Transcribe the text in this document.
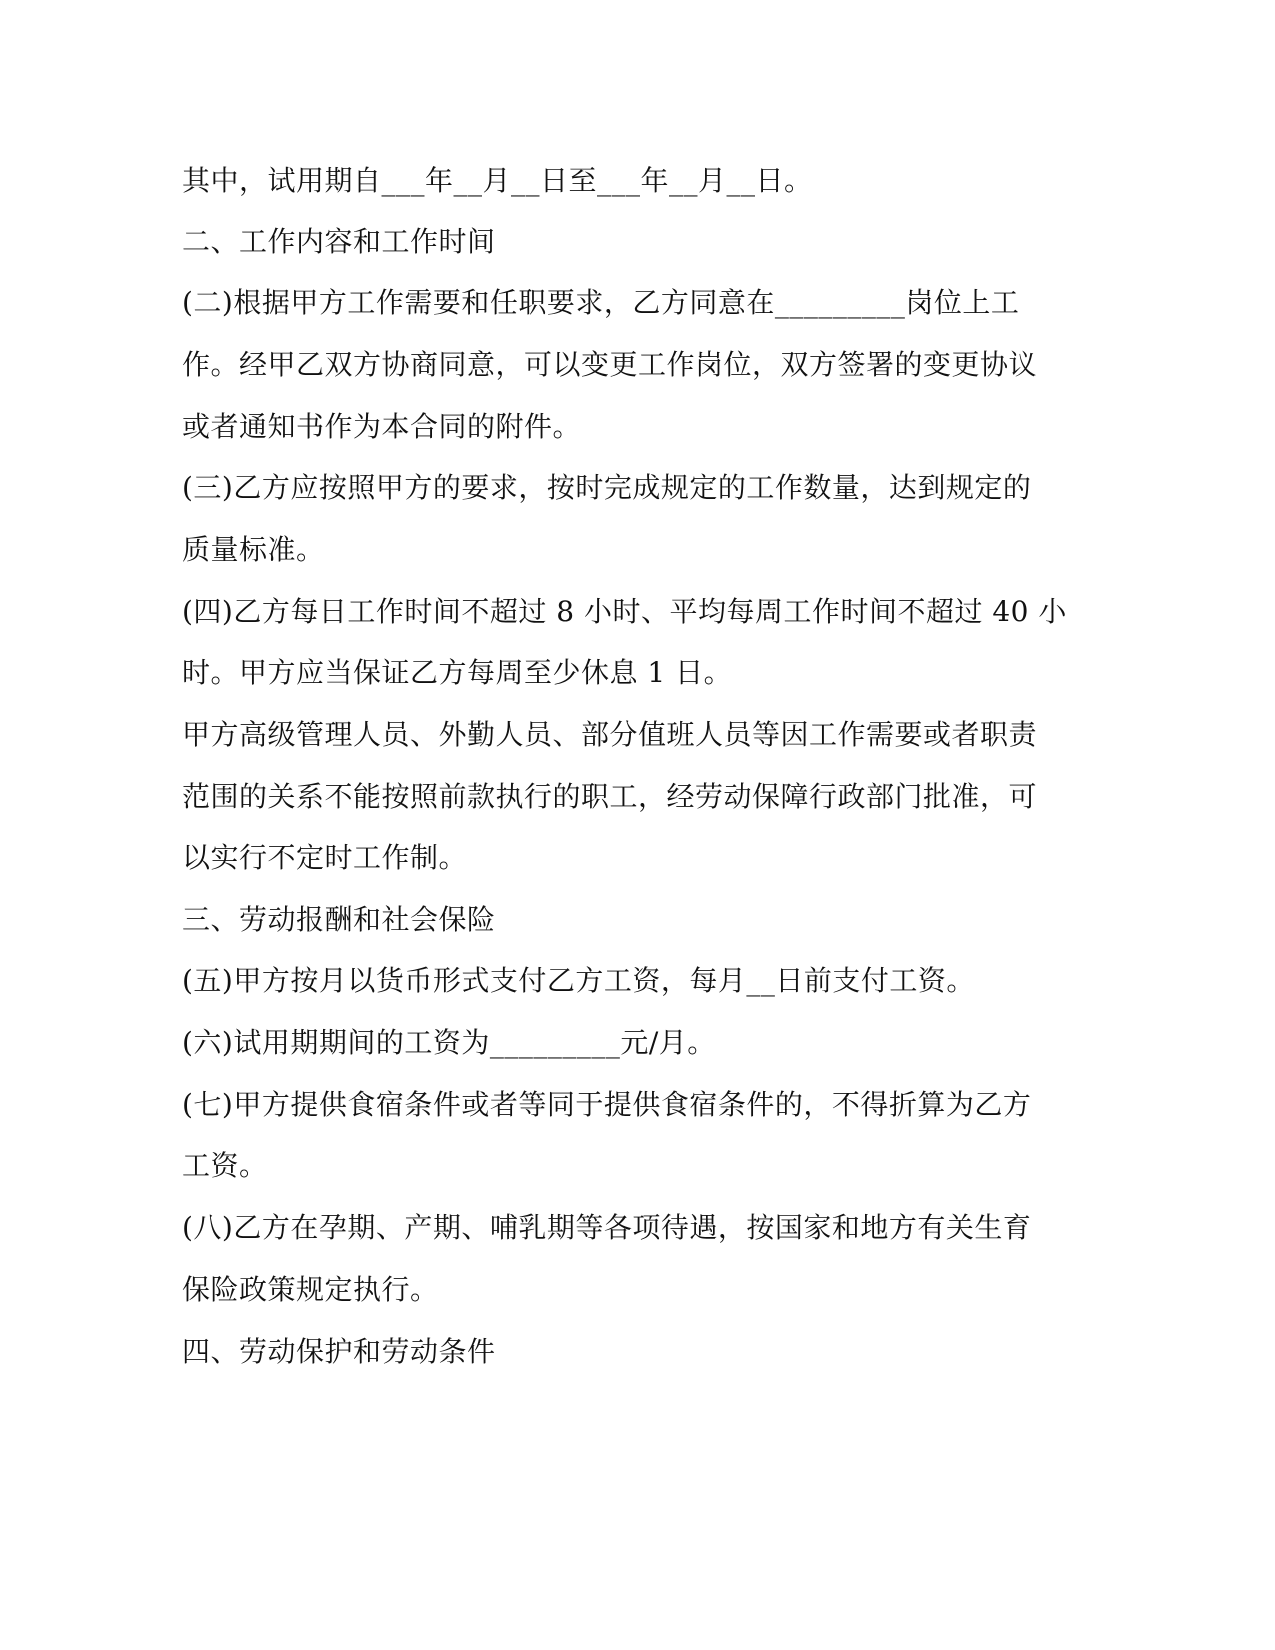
其中，试用期自___年__月__日至___年__月__日。
二、工作内容和工作时间
(二)根据甲方工作需要和任职要求，乙方同意在_________岗位上工
作。经甲乙双方协商同意，可以变更工作岗位，双方签署的变更协议
或者通知书作为本合同的附件。
(三)乙方应按照甲方的要求，按时完成规定的工作数量，达到规定的
质量标准。
(四)乙方每日工作时间不超过 8 小时、平均每周工作时间不超过 40 小
时。甲方应当保证乙方每周至少休息 1 日。
甲方高级管理人员、外勤人员、部分值班人员等因工作需要或者职责
范围的关系不能按照前款执行的职工，经劳动保障行政部门批准，可
以实行不定时工作制。
三、劳动报酬和社会保险
(五)甲方按月以货币形式支付乙方工资，每月__日前支付工资。
(六)试用期期间的工资为_________元/月。
(七)甲方提供食宿条件或者等同于提供食宿条件的，不得折算为乙方
工资。
(八)乙方在孕期、产期、哺乳期等各项待遇，按国家和地方有关生育
保险政策规定执行。
四、劳动保护和劳动条件
